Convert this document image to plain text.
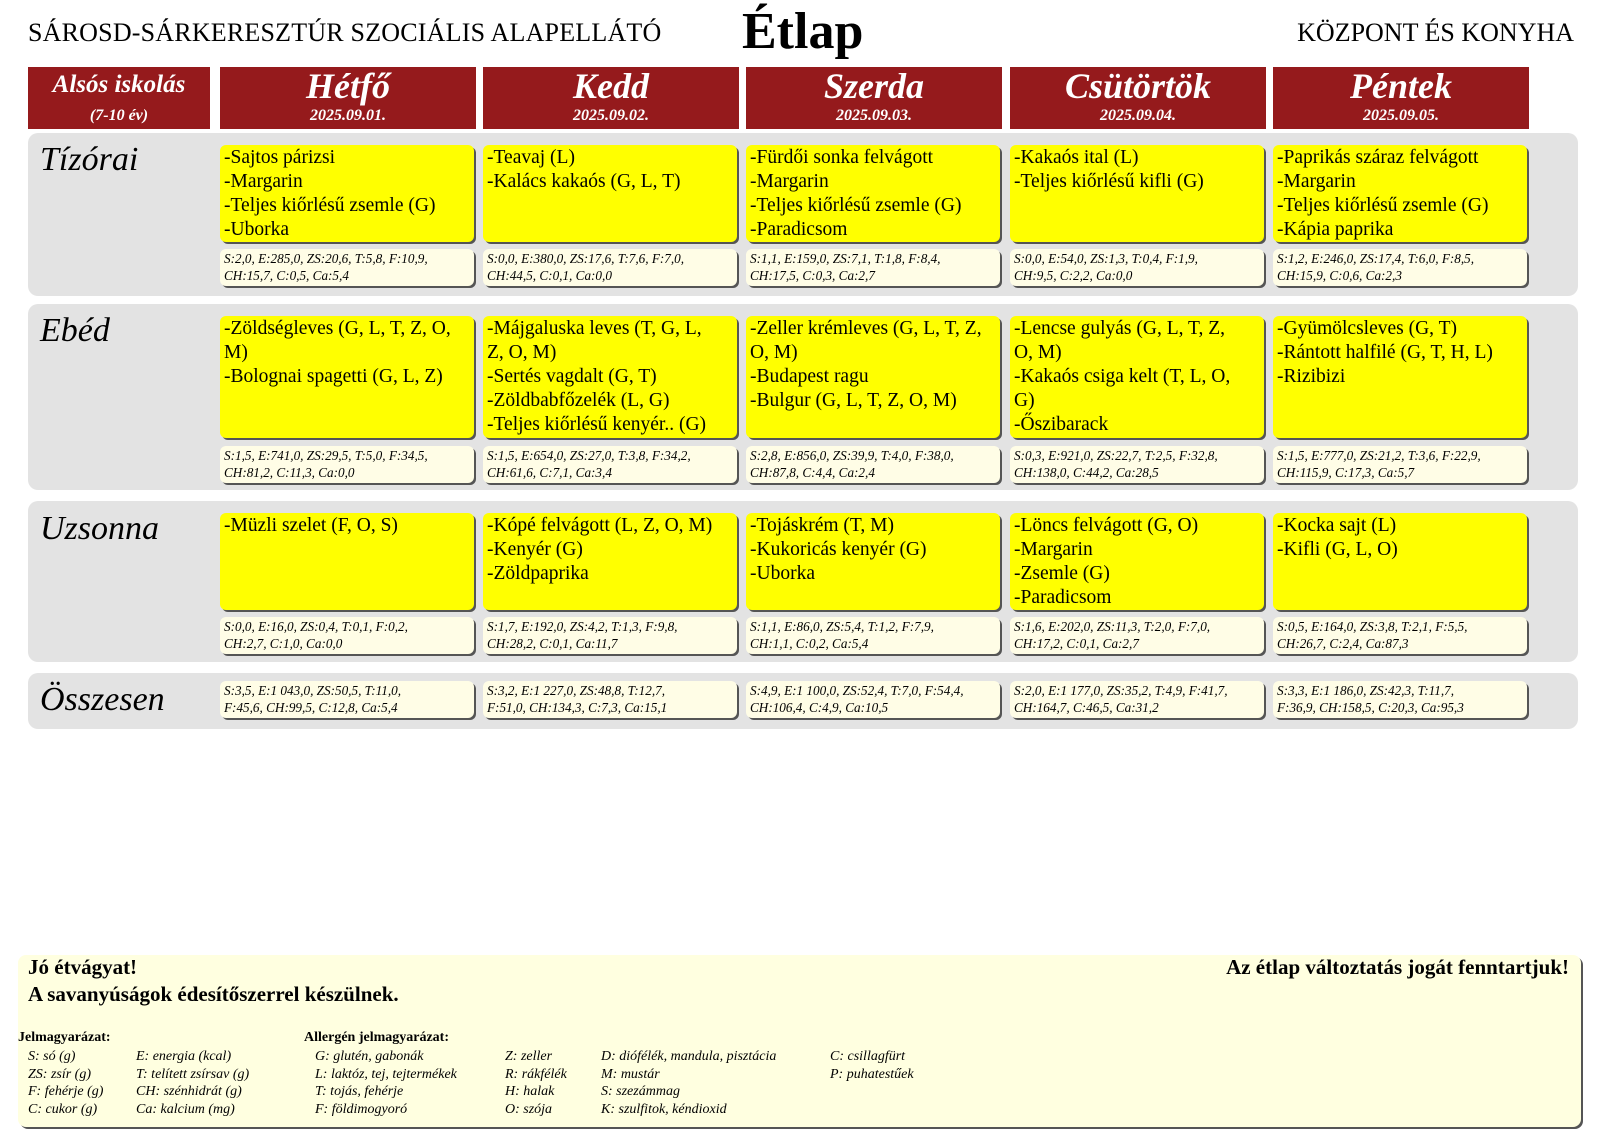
SÁROSD-SÁRKERESZTÚR SZOCIÁLIS ALAPELLÁTÓ Étlap	KÖZPONT ÉS KONYHA
Alsós iskolás
(7-10 év)
Hétfő
2025.09.01.
Kedd
2025.09.02.
Szerda
2025.09.03.
Csütörtök
2025.09.04.
Péntek
2025.09.05.
Tízórai
Ebéd
Uzsonna
Összesen
-Sajtos párizsi
-Margarin
-Teljes kiőrlésű zsemle (G)
-Uborka
S:2,0, E:285,0, ZS:20,6, T:5,8, F:10,9,
CH:15,7, C:0,5, Ca:5,4
-Teavaj (L)
-Kalács kakaós (G, L, T)
S:0,0, E:380,0, ZS:17,6, T:7,6, F:7,0,
CH:44,5, C:0,1, Ca:0,0
-Fürdői sonka felvágott
-Margarin
-Teljes kiőrlésű zsemle (G)
-Paradicsom
S:1,1, E:159,0, ZS:7,1, T:1,8, F:8,4,
CH:17,5, C:0,3, Ca:2,7
-Kakaós ital (L)
-Teljes kiőrlésű kifli (G)
S:0,0, E:54,0, ZS:1,3, T:0,4, F:1,9,
CH:9,5, C:2,2, Ca:0,0
-Paprikás száraz felvágott
-Margarin
-Teljes kiőrlésű zsemle (G)
-Kápia paprika
S:1,2, E:246,0, ZS:17,4, T:6,0, F:8,5,
CH:15,9, C:0,6, Ca:2,3
-Zöldségleves (G, L, T, Z, O,
M)
-Bolognai spagetti (G, L, Z)
S:1,5, E:741,0, ZS:29,5, T:5,0, F:34,5,
CH:81,2, C:11,3, Ca:0,0
-Májgaluska leves (T, G, L,
Z, O, M)
-Sertés vagdalt (G, T)
-Zöldbabfőzelék (L, G)
-Teljes kiőrlésű kenyér.. (G)
S:1,5, E:654,0, ZS:27,0, T:3,8, F:34,2,
CH:61,6, C:7,1, Ca:3,4
-Zeller krémleves (G, L, T, Z,
O, M)
-Budapest ragu
-Bulgur (G, L, T, Z, O, M)
S:2,8, E:856,0, ZS:39,9, T:4,0, F:38,0,
CH:87,8, C:4,4, Ca:2,4
-Lencse gulyás (G, L, T, Z,
O, M)
-Kakaós csiga kelt (T, L, O,
G)
-Őszibarack
S:0,3, E:921,0, ZS:22,7, T:2,5, F:32,8,
CH:138,0, C:44,2, Ca:28,5
-Gyümölcsleves (G, T)
-Rántott halfilé (G, T, H, L)
-Rizibizi
S:1,5, E:777,0, ZS:21,2, T:3,6, F:22,9,
CH:115,9, C:17,3, Ca:5,7
-Müzli szelet (F, O, S)
S:0,0, E:16,0, ZS:0,4, T:0,1, F:0,2,
CH:2,7, C:1,0, Ca:0,0
-Kópé felvágott (L, Z, O, M)
-Kenyér (G)
-Zöldpaprika
S:1,7, E:192,0, ZS:4,2, T:1,3, F:9,8,
CH:28,2, C:0,1, Ca:11,7
-Tojáskrém (T, M)
-Kukoricás kenyér (G)
-Uborka
S:1,1, E:86,0, ZS:5,4, T:1,2, F:7,9,
CH:1,1, C:0,2, Ca:5,4
-Löncs felvágott (G, O)
-Margarin
-Zsemle (G)
-Paradicsom
S:1,6, E:202,0, ZS:11,3, T:2,0, F:7,0,
CH:17,2, C:0,1, Ca:2,7
-Kocka sajt (L)
-Kifli (G, L, O)
S:0,5, E:164,0, ZS:3,8, T:2,1, F:5,5,
CH:26,7, C:2,4, Ca:87,3
S:3,5, E:1 043,0, ZS:50,5, T:11,0,
F:45,6, CH:99,5, C:12,8, Ca:5,4
S:3,2, E:1 227,0, ZS:48,8, T:12,7,
F:51,0, CH:134,3, C:7,3, Ca:15,1
S:4,9, E:1 100,0, ZS:52,4, T:7,0, F:54,4,
CH:106,4, C:4,9, Ca:10,5
S:2,0, E:1 177,0, ZS:35,2, T:4,9, F:41,7,
CH:164,7, C:46,5, Ca:31,2
S:3,3, E:1 186,0, ZS:42,3, T:11,7,
F:36,9, CH:158,5, C:20,3, Ca:95,3
Jó étvágyat!
A savanyúságok édesítőszerrel készülnek.
Az étlap változtatás jogát fenntartjuk!
Jelmagyarázat:	Allergén jelmagyarázat:
S: só (g)
ZS: zsír (g)
F: fehérje (g)
C: cukor (g)
E: energia (kcal)
T: telített zsírsav (g)
CH: szénhidrát (g)
Ca: kalcium (mg)
G: glutén, gabonák
L: laktóz, tej, tejtermékek
T: tojás, fehérje
F: földimogyoró
Z: zeller
R: rákfélék
H: halak
O: szója
D: diófélék, mandula, pisztácia
M: mustár
S: szezámmag
K: szulfitok, kéndioxid
C: csillagfürt
P: puhatestűek
